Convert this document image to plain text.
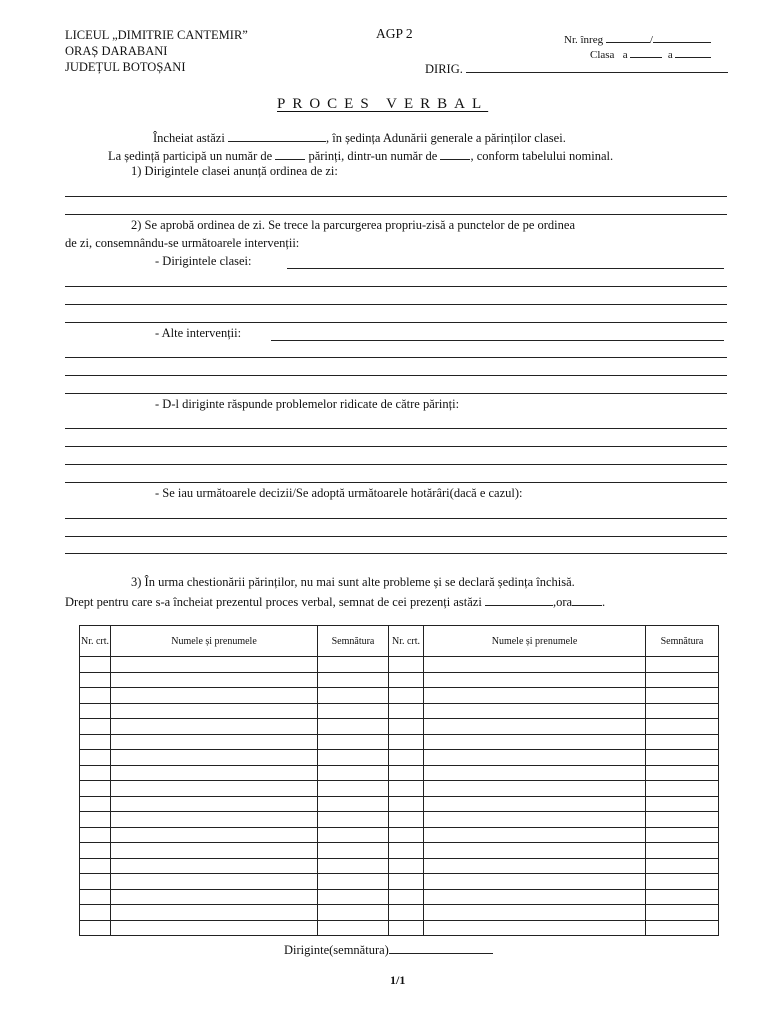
LICEUL „DIMITRIE CANTEMIR”
ORAȘ DARABANI
JUDEȚUL BOTOȘANI
AGP 2	Nr. înreg	/
Clasa a	a
DIRIG.
PROCES VERBAL
Încheiat astăzi	, în ședința Adunării generale a părinților clasei.
La ședință participă un număr de	părinți, dintr-un număr de	, conform tabelului nominal.
1) Dirigintele clasei anunță ordinea de zi:
2) Se aprobă ordinea de zi. Se trece la parcurgerea propriu-zisă a punctelor de pe ordinea
de zi, consemnându-se următoarele intervenții:
- Dirigintele clasei:
- Alte intervenții:
- D-l diriginte răspunde problemelor ridicate de către părinți:
- Se iau următoarele decizii/Se adoptă următoarele hotărâri(dacă e cazul):
3) În urma chestionării părinților, nu mai sunt alte probleme și se declară ședința închisă.
Drept pentru care s-a încheiat prezentul proces verbal, semnat de cei prezenți astăzi	,ora .
Nr. crt.	Numele și prenumele	Semnătura	Nr. crt.	Numele și prenumele	Semnătura

Diriginte(semnătura)
1/1
